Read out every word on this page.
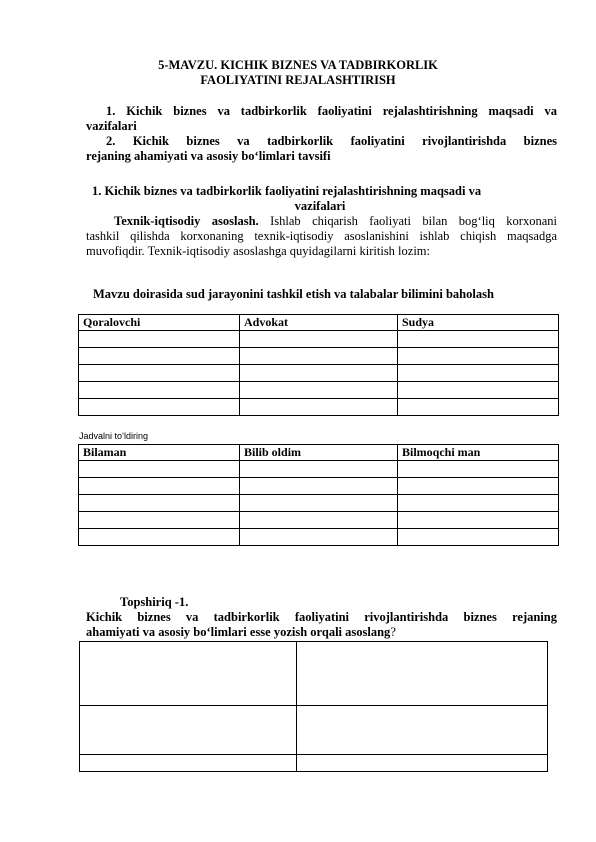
5-MAVZU. KICHIK BIZNES VA TADBIRKORLIK
FAOLIYATINI REJALASHTIRISH
1. Kichik biznes va tadbirkorlik faoliyatini rejalashtirishning maqsadi va
vazifalari
2. Kichik biznes va tadbirkorlik faoliyatini rivojlantirishda biznes
rejaning ahamiyati va asosiy bo‘limlari tavsifi
1. Kichik biznes va tadbirkorlik faoliyatini rejalashtirishning maqsadi va
vazifalari
Texnik-iqtisodiy asoslash. Ishlab chiqarish faoliyati bilan bog‘liq korxonani
tashkil qilishda korxonaning texnik-iqtisodiy asoslanishini ishlab chiqish maqsadga
muvofiqdir. Texnik-iqtisodiy asoslashga quyidagilarni kiritish lozim:
Mavzu doirasida sud jarayonini tashkil etish va talabalar bilimini baholash
Qoralovchi	Advokat	Sudya

Jadvalni to‘ldiring
Bilaman	Bilib oldim	Bilmoqchi man

Topshiriq -1.
Kichik biznes va tadbirkorlik faoliyatini rivojlantirishda biznes rejaning
ahamiyati va asosiy bo‘limlari esse yozish orqali asoslang?
